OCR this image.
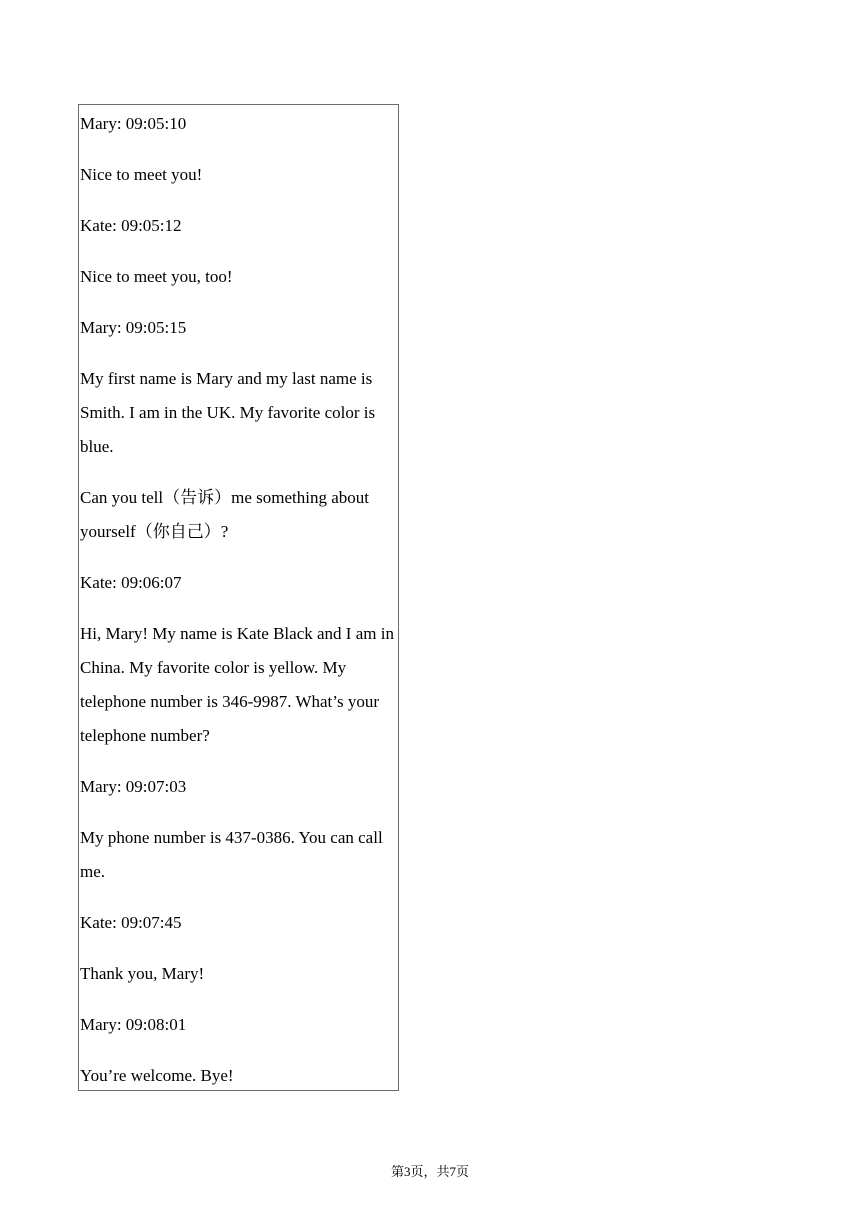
Mary: 09:05:10

Nice to meet you!

Kate: 09:05:12

Nice to meet you, too!

Mary: 09:05:15

My first name is Mary and my last name is Smith. I am in the UK. My favorite color is blue.

Can you tell（告诉）me something about yourself（你自己）?

Kate: 09:06:07

Hi, Mary! My name is Kate Black and I am in China. My favorite color is yellow. My telephone number is 346-9987. What’s your telephone number?

Mary: 09:07:03

My phone number is 437-0386. You can call me.

Kate: 09:07:45

Thank you, Mary!

Mary: 09:08:01

You’re welcome. Bye!

第3页，共7页
